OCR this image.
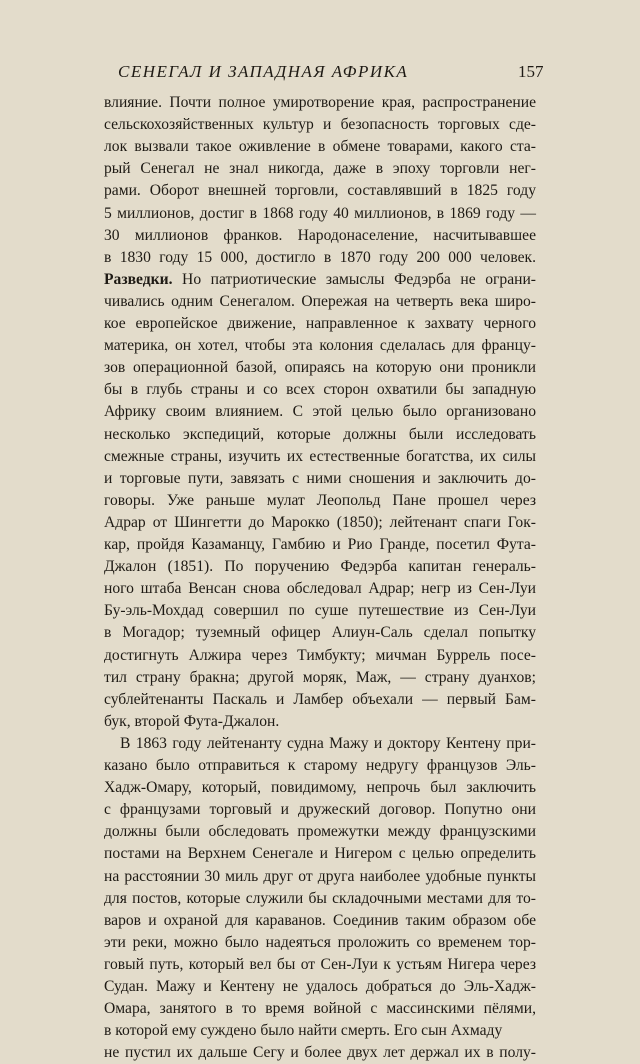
СЕНЕГАЛ И ЗАПАДНАЯ АФРИКА	157
влияние. Почти полное умиротворение края, распространение
сельскохозяйственных культур и безопасность торговых сде-
лок вызвали такое оживление в обмене товарами, какого ста-
рый Сенегал не знал никогда, даже в эпоху торговли нег-
рами. Оборот внешней торговли, составлявший в 1825 году
5 миллионов, достиг в 1868 году 40 миллионов, в 1869 году —
30 миллионов франков. Народонаселение, насчитывавшее
в 1830 году 15 000, достигло в 1870 году 200 000 человек.
Разведки. Но патриотические замыслы Федэрба не ограни-
чивались одним Сенегалом. Опережая на четверть века широ-
кое европейское движение, направленное к захвату черного
материка, он хотел, чтобы эта колония сделалась для францу-
зов операционной базой, опираясь на которую они проникли
бы в глубь страны и со всех сторон охватили бы западную
Африку своим влиянием. С этой целью было организовано
несколько экспедиций, которые должны были исследовать
смежные страны, изучить их естественные богатства, их силы
и торговые пути, завязать с ними сношения и заключить до-
говоры. Уже раньше мулат Леопольд Пане прошел через
Адрар от Шингетти до Марокко (1850); лейтенант спаги Гок-
кар, пройдя Казаманцу, Гамбию и Рио Гранде, посетил Фута-
Джалон (1851). По поручению Федэрба капитан генераль-
ного штаба Венсан снова обследовал Адрар; негр из Сен-Луи
Бу-эль-Мохдад совершил по суше путешествие из Сен-Луи
в Могадор; туземный офицер Алиун-Саль сделал попытку
достигнуть Алжира через Тимбукту; мичман Буррель посе-
тил страну бракна; другой моряк, Маж, — страну дуанхов;
сублейтенанты Паскаль и Ламбер объехали — первый Бам-
бук, второй Фута-Джалон.
В 1863 году лейтенанту судна Мажу и доктору Кентену при-
казано было отправиться к старому недругу французов Эль-
Хадж-Омару, который, повидимому, непрочь был заключить
с французами торговый и дружеский договор. Попутно они
должны были обследовать промежутки между французскими
постами на Верхнем Сенегале и Нигером с целью определить
на расстоянии 30 миль друг от друга наиболее удобные пункты
для постов, которые служили бы складочными местами для то-
варов и охраной для караванов. Соединив таким образом обе
эти реки, можно было надеяться проложить со временем тор-
говый путь, который вел бы от Сен-Луи к устьям Нигера через
Судан. Мажу и Кентену не удалось добраться до Эль-Хадж-
Омара, занятого в то время войной с массинскими пёлями,
в которой ему суждено было найти смерть. Его сын Ахмаду
не пустил их дальше Сегу и более двух лет держал их в полу-
